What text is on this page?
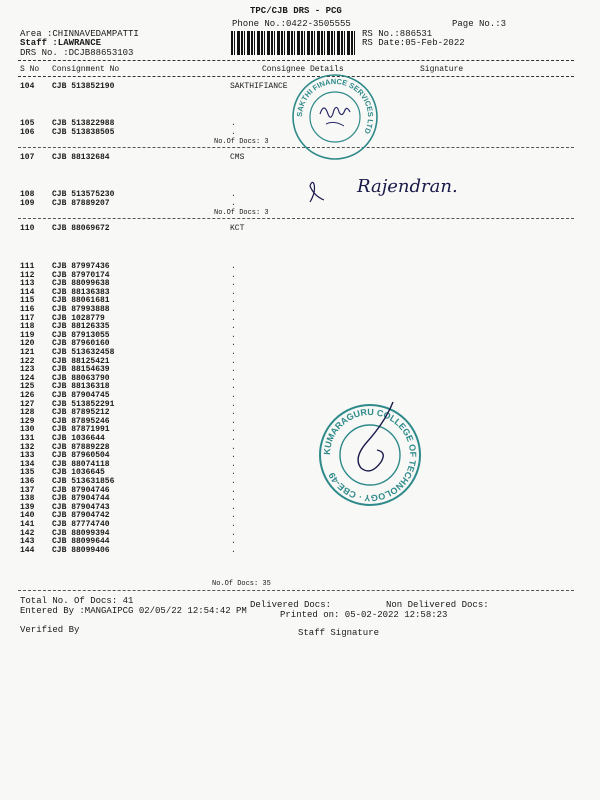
TPC/CJB DRS - PCG
Phone No.:0422-3505555	Page No.:3
Area :CHINNAVEDAMPATTI
Staff :LAWRANCE
DRS No. :DCJB88653103
RS No.:886531
RS Date:05-Feb-2022
S No Consignment No	Consignee Details	Signature
104 CJB 513852190	SAKTHIFIANCE
105 CJB 513822988	.
106 CJB 513838505	.
No.Of Docs: 3
107 CJB 88132684	CMS
108 CJB 513575230	.
109 CJB 87889207	.
No.Of Docs: 3
110 CJB 88069672	KCT
111 CJB 87997436	.
112 CJB 87970174	.
113 CJB 88099638	.
114 CJB 88136383	.
115 CJB 88061681	.
116 CJB 87993888	.
117 CJB 1028779	.
118 CJB 88126335	.
119 CJB 87913055	.
120 CJB 87960160	.
121 CJB 513632458	.
122 CJB 88125421	.
123 CJB 88154639	.
124 CJB 88063790	.
125 CJB 88136318	.
126 CJB 87904745	.
127 CJB 513852291	.
128 CJB 87895212	.
129 CJB 87895246	.
130 CJB 87871991	.
131 CJB 1036644	.
132 CJB 87889228	.
133 CJB 87960504	.
134 CJB 88074118	.
135 CJB 1036645	.
136 CJB 513631856	.
137 CJB 87904746	.
138 CJB 87904744	.
139 CJB 87904743	.
140 CJB 87904742	.
141 CJB 87774740	.
142 CJB 88099394	.
143 CJB 88099644	.
144 CJB 88099406	.
No.Of Docs: 35
Total No. Of Docs: 41	Delivered Docs:	Non Delivered Docs:
Entered By :MANGAIPCG 02/05/22 12:54:42 PM	Printed on: 05-02-2022 12:58:23
Verified By	Staff Signature
SAKTHI FINANCE SERVICES LTD
Rajendran.
KUMARAGURU COLLEGE OF TECHNOLOGY · CBE-49
